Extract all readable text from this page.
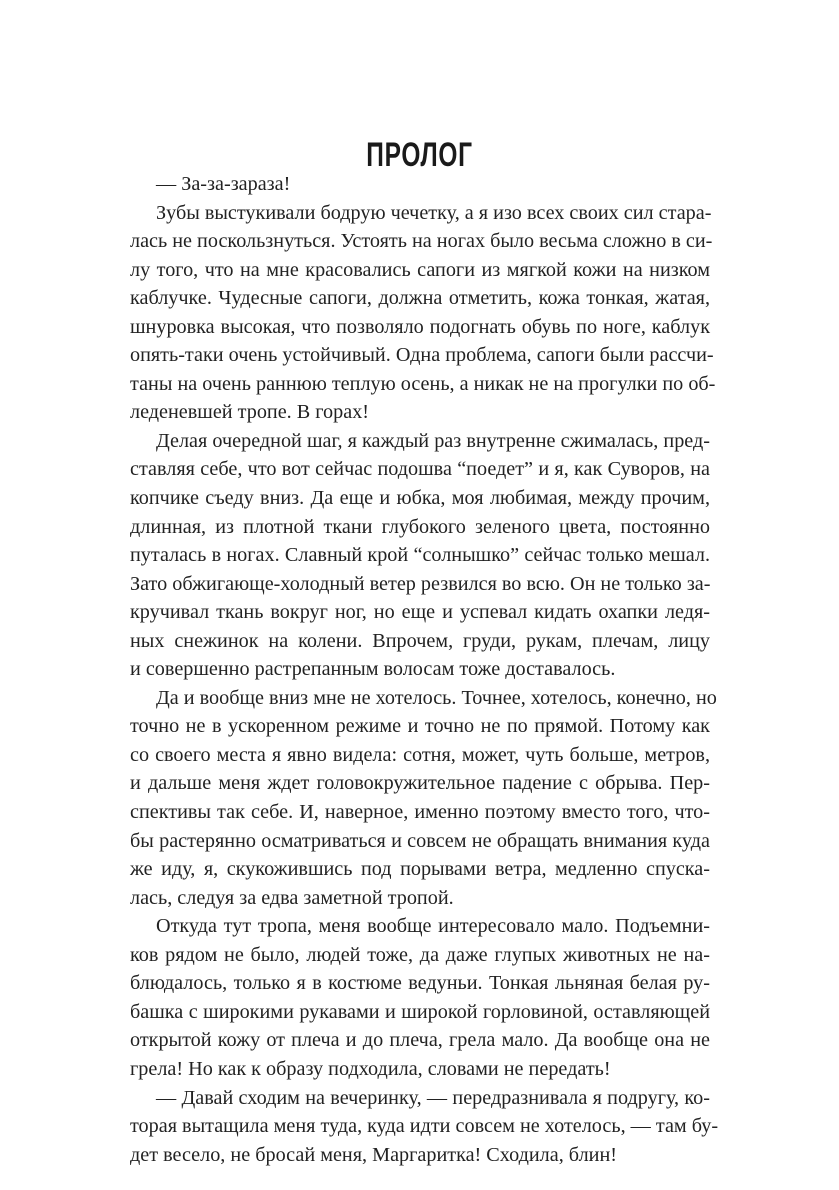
ПРОЛОГ
— За-за-зараза!
Зубы выстукивали бодрую чечетку, а я изо всех своих сил стара-
лась не поскользнуться. Устоять на ногах было весьма сложно в си-
лу того, что на мне красовались сапоги из мягкой кожи на низком
каблучке. Чудесные сапоги, должна отметить, кожа тонкая, жатая,
шнуровка высокая, что позволяло подогнать обувь по ноге, каблук
опять-таки очень устойчивый. Одна проблема, сапоги были рассчи-
таны на очень раннюю теплую осень, а никак не на прогулки по об-
леденевшей тропе. В горах!
Делая очередной шаг, я каждый раз внутренне сжималась, пред-
ставляя себе, что вот сейчас подошва “поедет” и я, как Суворов, на
копчике съеду вниз. Да еще и юбка, моя любимая, между прочим,
длинная, из плотной ткани глубокого зеленого цвета, постоянно
путалась в ногах. Славный крой “солнышко” сейчас только мешал.
Зато обжигающе-холодный ветер резвился во всю. Он не только за-
кручивал ткань вокруг ног, но еще и успевал кидать охапки ледя-
ных снежинок на колени. Впрочем, груди, рукам, плечам, лицу
и совершенно растрепанным волосам тоже доставалось.
Да и вообще вниз мне не хотелось. Точнее, хотелось, конечно, но
точно не в ускоренном режиме и точно не по прямой. Потому как
со своего места я явно видела: сотня, может, чуть больше, метров,
и дальше меня ждет головокружительное падение с обрыва. Пер-
спективы так себе. И, наверное, именно поэтому вместо того, что-
бы растерянно осматриваться и совсем не обращать внимания куда
же иду, я, скукожившись под порывами ветра, медленно спуска-
лась, следуя за едва заметной тропой.
Откуда тут тропа, меня вообще интересовало мало. Подъемни-
ков рядом не было, людей тоже, да даже глупых животных не на-
блюдалось, только я в костюме ведуньи. Тонкая льняная белая ру-
башка с широкими рукавами и широкой горловиной, оставляющей
открытой кожу от плеча и до плеча, грела мало. Да вообще она не
грела! Но как к образу подходила, словами не передать!
— Давай сходим на вечеринку, — передразнивала я подругу, ко-
торая вытащила меня туда, куда идти совсем не хотелось, — там бу-
дет весело, не бросай меня, Маргаритка! Сходила, блин!
